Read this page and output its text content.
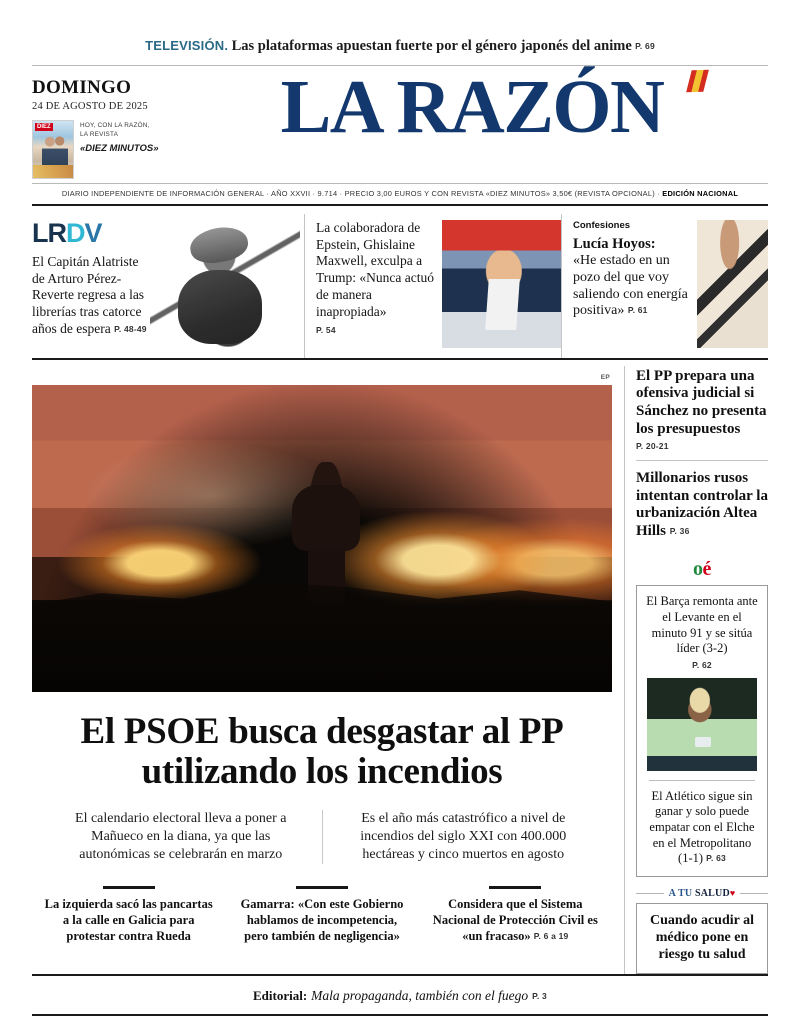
TELEVISIÓN. Las plataformas apuestan fuerte por el género japonés del anime P. 69
DOMINGO
24 DE AGOSTO DE 2025
DIEZ	HOY, CON LA RAZÓN,
LA REVISTA
«DIEZ MINUTOS»	LA RAZÓN
DIARIO INDEPENDIENTE DE INFORMACIÓN GENERAL · AÑO XXVII · 9.714 · PRECIO 3,00 EUROS Y CON REVISTA «DIEZ MINUTOS» 3,50€ (REVISTA OPCIONAL) · EDICIÓN NACIONAL
LRDV
El Capitán Alatriste de Arturo Pérez-Reverte regresa a las librerías tras catorce años de espera P. 48-49
La colaboradora de Epstein, Ghislaine Maxwell, exculpa a Trump: «Nunca actuó de manera inapropiada»
P. 54
Confesiones
Lucía Hoyos:
«He estado en un pozo del que voy saliendo con energía positiva» P. 61
EP
El PSOE busca desgastar al PP utilizando los incendios
El calendario electoral lleva a poner a Mañueco en la diana, ya que las autonómicas se celebrarán en marzo
Es el año más catastrófico a nivel de incendios del siglo XXI con 400.000 hectáreas y cinco muertos en agosto
La izquierda sacó las pancartas a la calle en Galicia para protestar contra Rueda
Gamarra: «Con este Gobierno hablamos de incompetencia, pero también de negligencia»
Considera que el Sistema Nacional de Protección Civil es «un fracaso» P. 6 a 19
El PP prepara una ofensiva judicial si Sánchez no presenta los presupuestos
P. 20-21
Millonarios rusos intentan controlar la urbanización Altea Hills P. 36
oé
El Barça remonta ante el Levante en el minuto 91 y se sitúa líder (3-2)
P. 62
El Atlético sigue sin ganar y solo puede empatar con el Elche en el Metropolitano (1-1) P. 63
A TU SALUD♥
Cuando acudir al médico pone en riesgo tu salud
Editorial: Mala propaganda, también con el fuego P. 3
